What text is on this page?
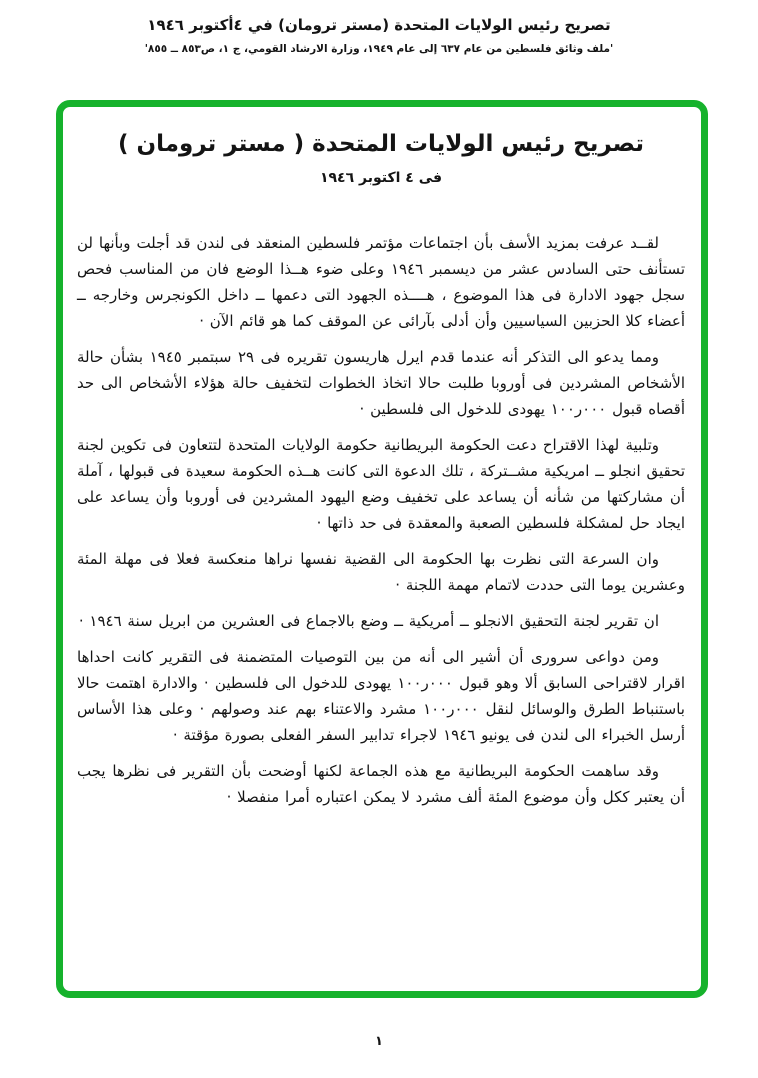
تصريح رئيس الولايات المتحدة (مستر ترومان) في ٤أكتوبر ١٩٤٦
'ملف وثائق فلسطين من عام ٦٣٧ إلى عام ١٩٤٩، وزارة الارشاد القومي، ج ١، ص٨٥٣ ــ ٨٥٥'
تصريح رئيس الولايات المتحدة ( مستر ترومان )
فى ٤ اكتوبر ١٩٤٦

لقــد عرفت بمزيد الأسف بأن اجتماعات مؤتمر فلسطين المنعقد فى لندن قد أجلت وبأنها لن تستأنف حتى السادس عشر من ديسمبر ١٩٤٦ وعلى ضوء هــذا الوضع فان من المناسب فحص سجل جهود الادارة فى هذا الموضوع ، هــــذه الجهود التى دعمها ــ داخل الكونجرس وخارجه ــ أعضاء كلا الحزبين السياسيين وأن أدلى بآرائى عن الموقف كما هو قائم الآن ·

ومما يدعو الى التذكر أنه عندما قدم ايرل هاريسون تقريره فى ٢٩ سبتمبر ١٩٤٥ بشأن حالة الأشخاص المشردين فى أوروبا طلبت حالا اتخاذ الخطوات لتخفيف حالة هؤلاء الأشخاص الى حد أقصاه قبول ٠٠٠ر١٠٠ يهودى للدخول الى فلسطين ·

وتلبية لهذا الاقتراح دعت الحكومة البريطانية حكومة الولايات المتحدة لتتعاون فى تكوين لجنة تحقيق انجلو ــ امريكية مشــتركة ، تلك الدعوة التى كانت هــذه الحكومة سعيدة فى قبولها ، آملة أن مشاركتها من شأنه أن يساعد على تخفيف وضع اليهود المشردين فى أوروبا وأن يساعد على ايجاد حل لمشكلة فلسطين الصعبة والمعقدة فى حد ذاتها ·

وان السرعة التى نظرت بها الحكومة الى القضية نفسها نراها منعكسة فعلا فى مهلة المئة وعشرين يوما التى حددت لاتمام مهمة اللجنة ·

ان تقرير لجنة التحقيق الانجلو ــ أمريكية ــ وضع بالاجماع فى العشرين من ابريل سنة ١٩٤٦ ·

ومن دواعى سرورى أن أشير الى أنه من بين التوصيات المتضمنة فى التقرير كانت احداها اقرار لاقتراحى السابق ألا وهو قبول ٠٠٠ر١٠٠ يهودى للدخول الى فلسطين · والادارة اهتمت حالا باستنباط الطرق والوسائل لنقل ٠٠٠ر١٠٠ مشرد والاعتناء بهم عند وصولهم · وعلى هذا الأساس أرسل الخبراء الى لندن فى يونيو ١٩٤٦ لاجراء تدابير السفر الفعلى بصورة مؤقتة ·

وقد ساهمت الحكومة البريطانية مع هذه الجماعة لكنها أوضحت بأن التقرير فى نظرها يجب أن يعتبر ككل وأن موضوع المئة ألف مشرد لا يمكن اعتباره أمرا منفصلا ·

١
